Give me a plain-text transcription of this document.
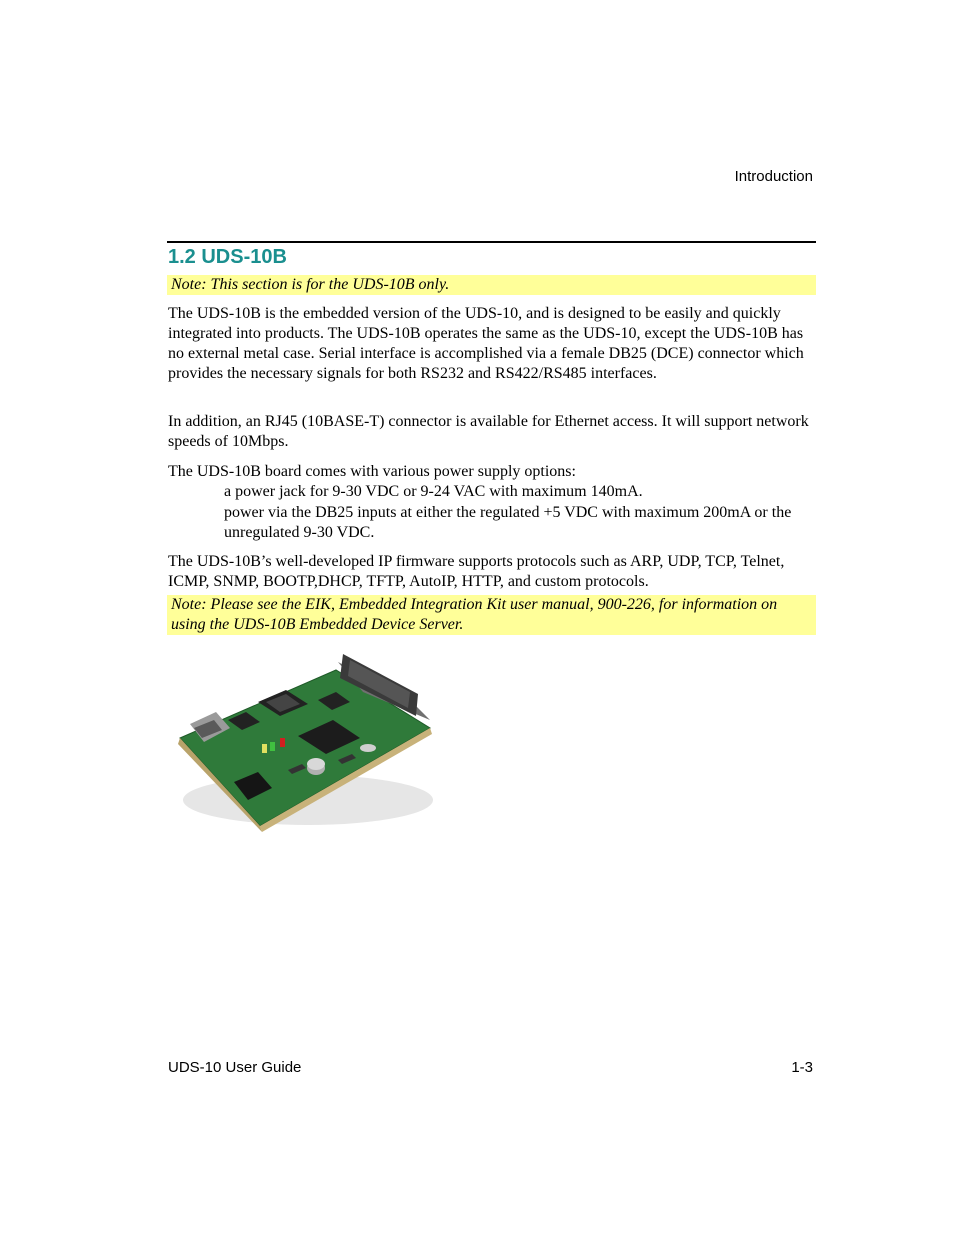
Introduction
1.2 UDS-10B
Note: This section is for the UDS-10B only.

The UDS-10B is the embedded version of the UDS-10, and is designed to be easily and quickly integrated into products. The UDS-10B operates the same as the UDS-10, except the UDS-10B has no external metal case. Serial interface is accomplished via a female DB25 (DCE) connector which provides the necessary signals for both RS232 and RS422/RS485 interfaces.

In addition, an RJ45 (10BASE-T) connector is available for Ethernet access. It will support network speeds of 10Mbps.

The UDS-10B board comes with various power supply options:

a power jack for 9-30 VDC or 9-24 VAC with maximum 140mA.

power via the DB25 inputs at either the regulated +5 VDC with maximum 200mA or the unregulated 9-30 VDC.

The UDS-10B’s well-developed IP firmware supports protocols such as ARP, UDP, TCP, Telnet, ICMP, SNMP, BOOTP,DHCP, TFTP, AutoIP, HTTP, and custom protocols.

Note: Please see the EIK, Embedded Integration Kit user manual, 900-226, for information on using the UDS-10B Embedded Device Server.
UDS-10 User Guide	1-3
